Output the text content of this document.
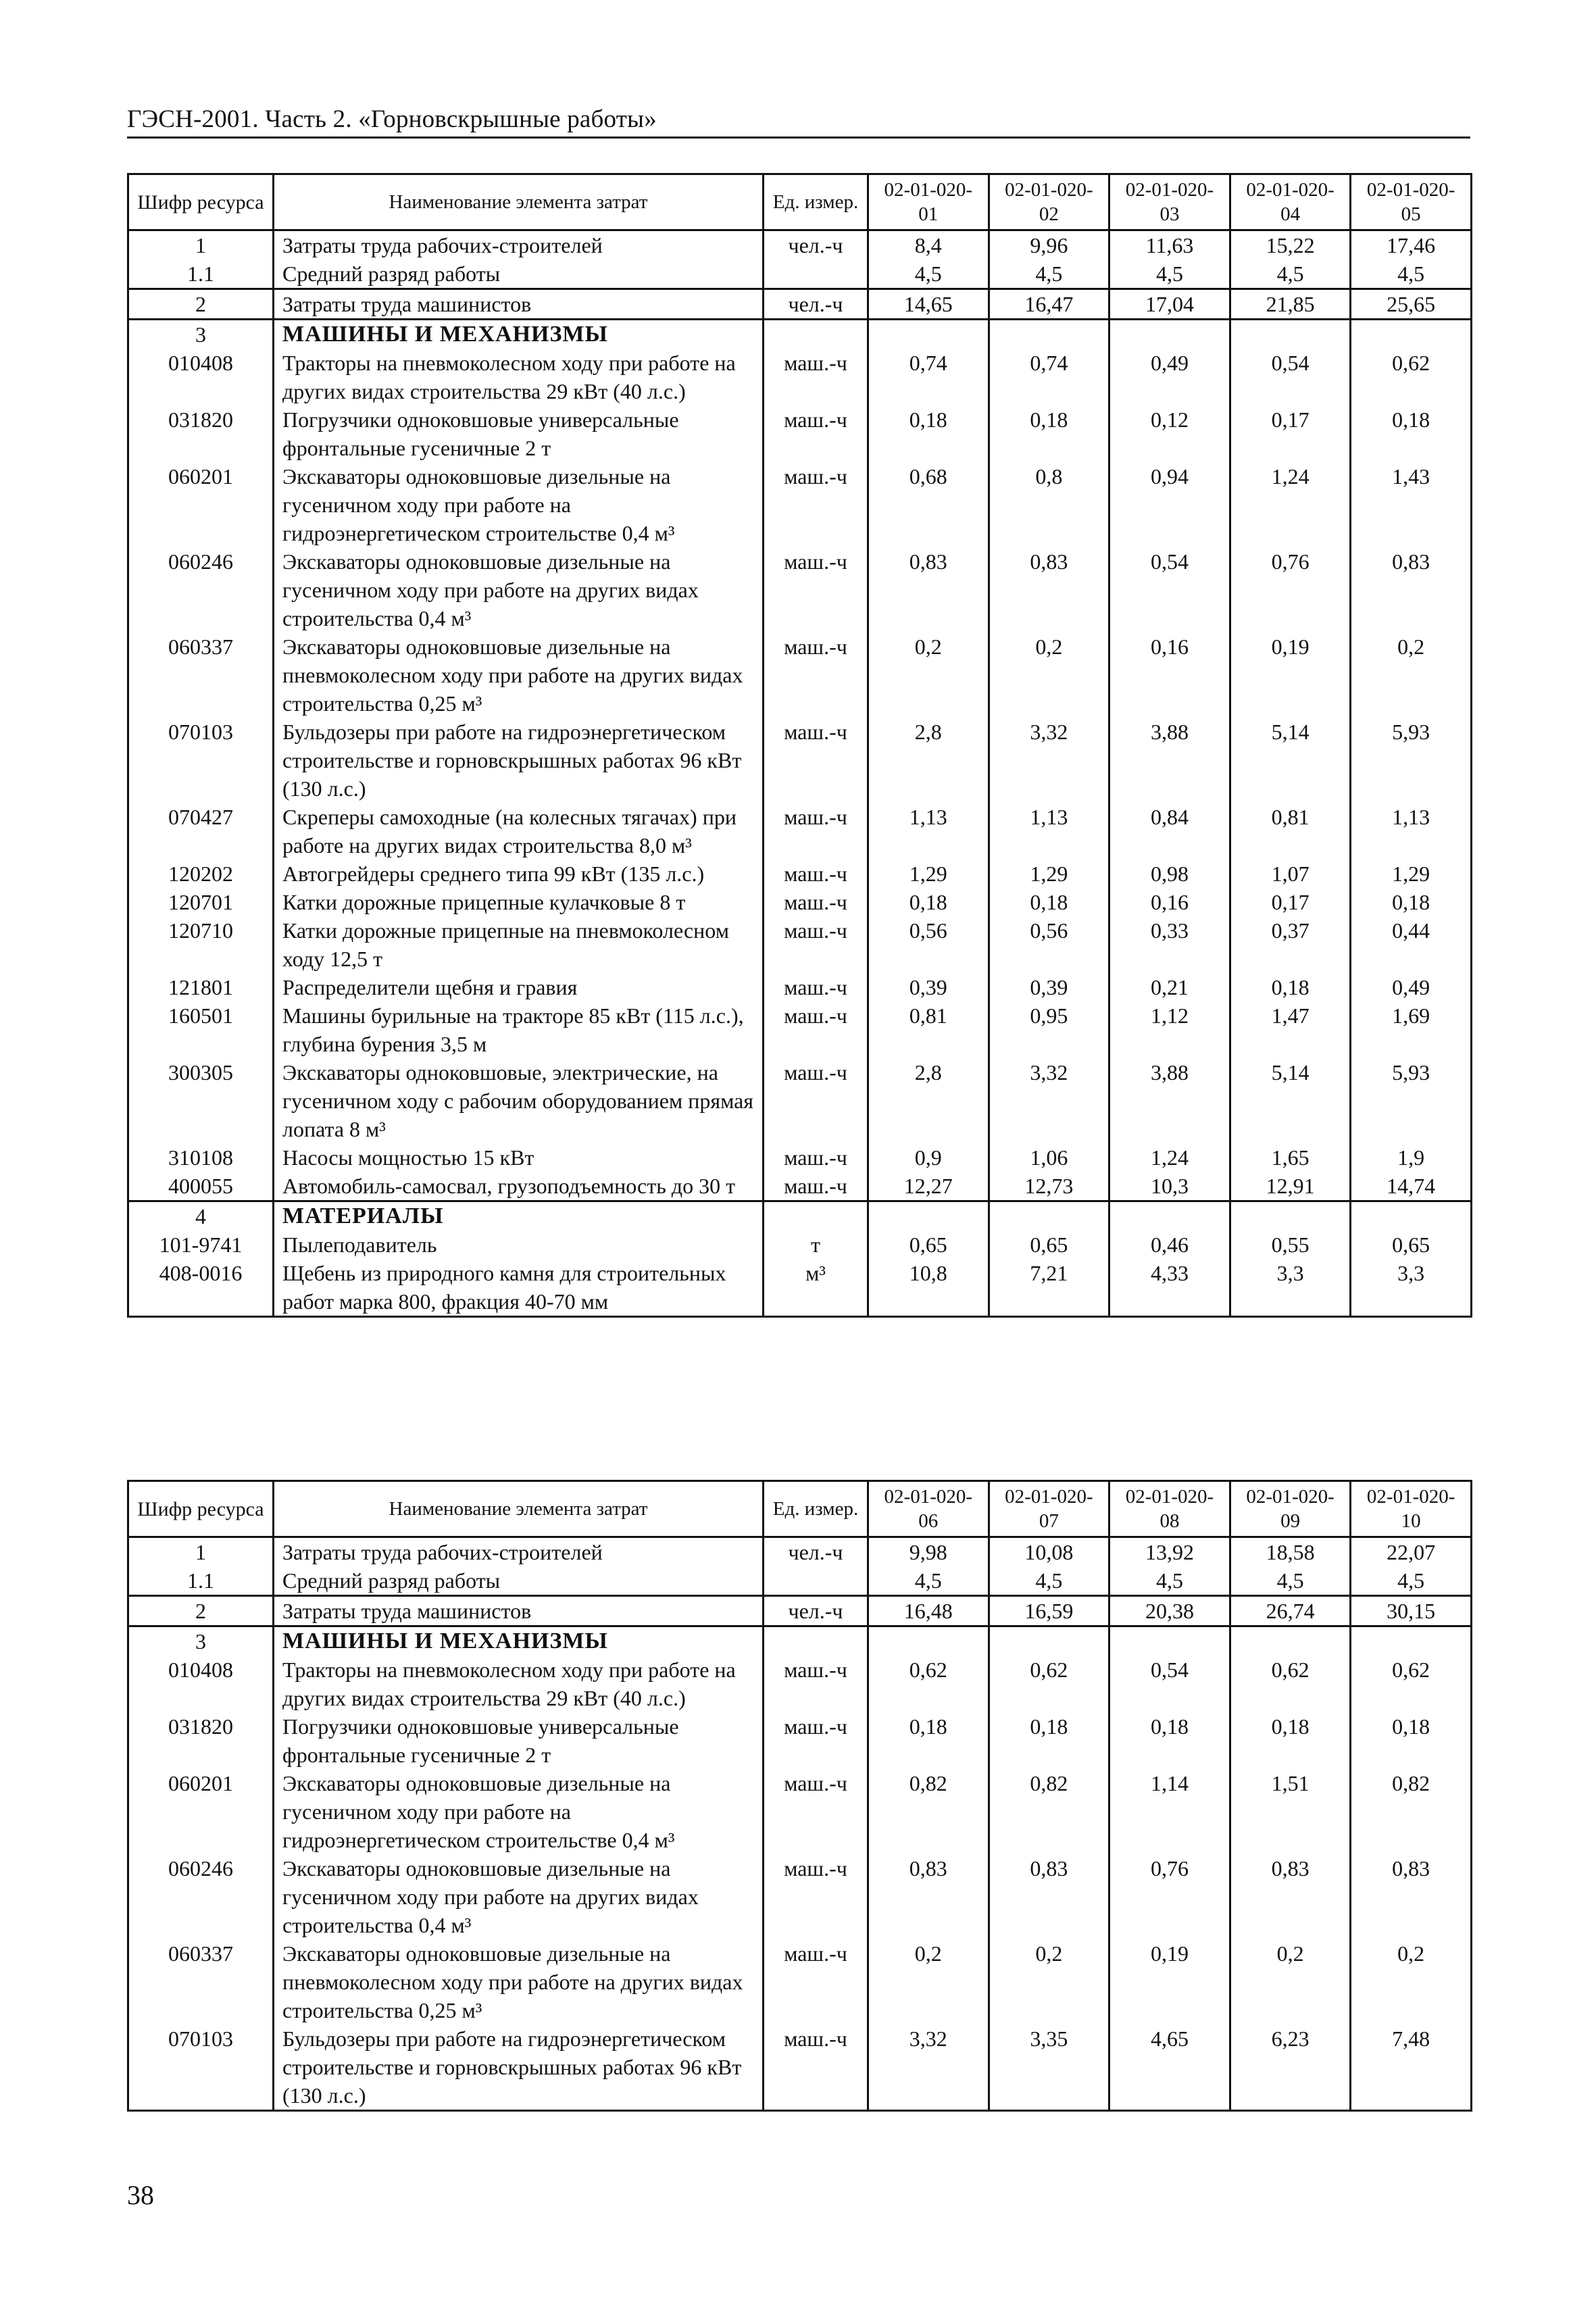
ГЭСН-2001. Часть 2. «Горновскрышные работы»
Шифр ресурса	Наименование элемента затрат	Ед. измер.	02-01-020-01	02-01-020-02	02-01-020-03	02-01-020-04	02-01-020-05
1	Затраты труда рабочих-строителей	чел.-ч	8,4	9,96	11,63	15,22	17,46
1.1	Средний разряд работы		4,5	4,5	4,5	4,5	4,5
2	Затраты труда машинистов	чел.-ч	14,65	16,47	17,04	21,85	25,65
3	МАШИНЫ И МЕХАНИЗМЫ						
010408	Тракторы на пневмоколесном ходу при работе на других видах строительства 29 кВт (40 л.с.)	маш.-ч	0,74	0,74	0,49	0,54	0,62
031820	Погрузчики одноковшовые универсальные фронтальные гусеничные 2 т	маш.-ч	0,18	0,18	0,12	0,17	0,18
060201	Экскаваторы одноковшовые дизельные на гусеничном ходу при работе на гидроэнергетическом строительстве 0,4 м³	маш.-ч	0,68	0,8	0,94	1,24	1,43
060246	Экскаваторы одноковшовые дизельные на гусеничном ходу при работе на других видах строительства 0,4 м³	маш.-ч	0,83	0,83	0,54	0,76	0,83
060337	Экскаваторы одноковшовые дизельные на пневмоколесном ходу при работе на других видах строительства 0,25 м³	маш.-ч	0,2	0,2	0,16	0,19	0,2
070103	Бульдозеры при работе на гидроэнергетическом строительстве и горновскрышных работах 96 кВт (130 л.с.)	маш.-ч	2,8	3,32	3,88	5,14	5,93
070427	Скреперы самоходные (на колесных тягачах) при работе на других видах строительства 8,0 м³	маш.-ч	1,13	1,13	0,84	0,81	1,13
120202	Автогрейдеры среднего типа 99 кВт (135 л.с.)	маш.-ч	1,29	1,29	0,98	1,07	1,29
120701	Катки дорожные прицепные кулачковые 8 т	маш.-ч	0,18	0,18	0,16	0,17	0,18
120710	Катки дорожные прицепные на пневмоколесном ходу 12,5 т	маш.-ч	0,56	0,56	0,33	0,37	0,44
121801	Распределители щебня и гравия	маш.-ч	0,39	0,39	0,21	0,18	0,49
160501	Машины бурильные на тракторе 85 кВт (115 л.с.), глубина бурения 3,5 м	маш.-ч	0,81	0,95	1,12	1,47	1,69
300305	Экскаваторы одноковшовые, электрические, на гусеничном ходу с рабочим оборудованием прямая лопата 8 м³	маш.-ч	2,8	3,32	3,88	5,14	5,93
310108	Насосы мощностью 15 кВт	маш.-ч	0,9	1,06	1,24	1,65	1,9
400055	Автомобиль-самосвал, грузоподъемность до 30 т	маш.-ч	12,27	12,73	10,3	12,91	14,74
4	МАТЕРИАЛЫ						
101-9741	Пылеподавитель	т	0,65	0,65	0,46	0,55	0,65
408-0016	Щебень из природного камня для строительных работ марка 800, фракция 40-70 мм	м³	10,8	7,21	4,33	3,3	3,3
Шифр ресурса	Наименование элемента затрат	Ед. измер.	02-01-020-06	02-01-020-07	02-01-020-08	02-01-020-09	02-01-020-10
1	Затраты труда рабочих-строителей	чел.-ч	9,98	10,08	13,92	18,58	22,07
1.1	Средний разряд работы		4,5	4,5	4,5	4,5	4,5
2	Затраты труда машинистов	чел.-ч	16,48	16,59	20,38	26,74	30,15
3	МАШИНЫ И МЕХАНИЗМЫ						
010408	Тракторы на пневмоколесном ходу при работе на других видах строительства 29 кВт (40 л.с.)	маш.-ч	0,62	0,62	0,54	0,62	0,62
031820	Погрузчики одноковшовые универсальные фронтальные гусеничные 2 т	маш.-ч	0,18	0,18	0,18	0,18	0,18
060201	Экскаваторы одноковшовые дизельные на гусеничном ходу при работе на гидроэнергетическом строительстве 0,4 м³	маш.-ч	0,82	0,82	1,14	1,51	0,82
060246	Экскаваторы одноковшовые дизельные на гусеничном ходу при работе на других видах строительства 0,4 м³	маш.-ч	0,83	0,83	0,76	0,83	0,83
060337	Экскаваторы одноковшовые дизельные на пневмоколесном ходу при работе на других видах строительства 0,25 м³	маш.-ч	0,2	0,2	0,19	0,2	0,2
070103	Бульдозеры при работе на гидроэнергетическом строительстве и горновскрышных работах 96 кВт (130 л.с.)	маш.-ч	3,32	3,35	4,65	6,23	7,48
38
